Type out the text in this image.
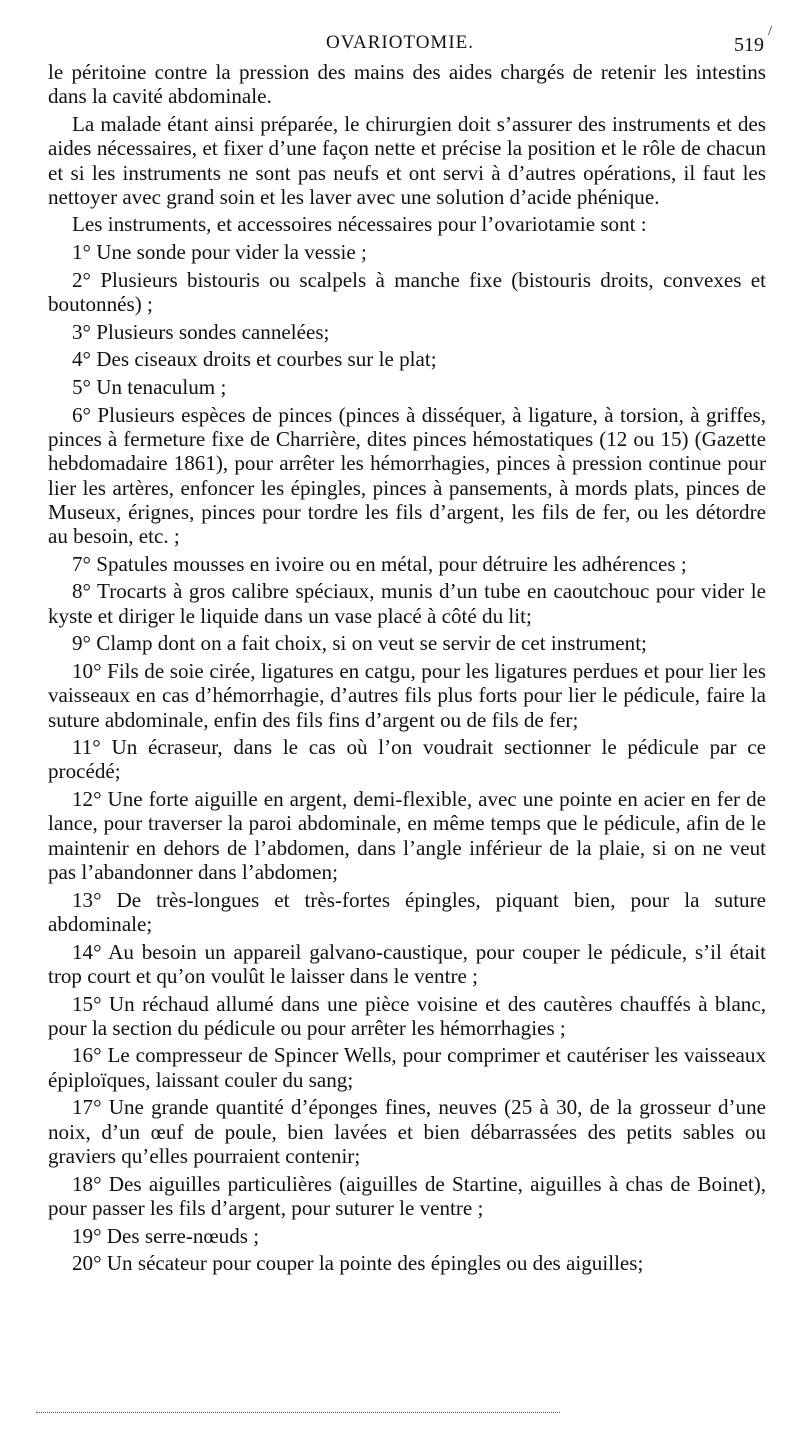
OVARIOTOMIE.	519
/

le péritoine contre la pression des mains des aides chargés de retenir les intestins dans la cavité abdominale.

La malade étant ainsi préparée, le chirurgien doit s’assurer des instruments et des aides nécessaires, et fixer d’une façon nette et précise la position et le rôle de chacun et si les instruments ne sont pas neufs et ont servi à d’autres opérations, il faut les nettoyer avec grand soin et les laver avec une solution d’acide phénique.

Les instruments, et accessoires nécessaires pour l’ovariotamie sont :

1° Une sonde pour vider la vessie ;

2° Plusieurs bistouris ou scalpels à manche fixe (bistouris droits, convexes et boutonnés) ;

3° Plusieurs sondes cannelées;

4° Des ciseaux droits et courbes sur le plat;

5° Un tenaculum ;

6° Plusieurs espèces de pinces (pinces à disséquer, à ligature, à torsion, à griffes, pinces à fermeture fixe de Charrière, dites pinces hémostatiques (12 ou 15) (Gazette hebdomadaire 1861), pour arrêter les hémorrhagies, pinces à pression continue pour lier les artères, enfoncer les épingles, pinces à pansements, à mords plats, pinces de Museux, érignes, pinces pour tordre les fils d’argent, les fils de fer, ou les détordre au besoin, etc. ;

7° Spatules mousses en ivoire ou en métal, pour détruire les adhérences ;

8° Trocarts à gros calibre spéciaux, munis d’un tube en caoutchouc pour vider le kyste et diriger le liquide dans un vase placé à côté du lit;

9° Clamp dont on a fait choix, si on veut se servir de cet instrument;

10° Fils de soie cirée, ligatures en catgu, pour les ligatures perdues et pour lier les vaisseaux en cas d’hémorrhagie, d’autres fils plus forts pour lier le pédicule, faire la suture abdominale, enfin des fils fins d’argent ou de fils de fer;

11° Un écraseur, dans le cas où l’on voudrait sectionner le pédicule par ce procédé;

12° Une forte aiguille en argent, demi-flexible, avec une pointe en acier en fer de lance, pour traverser la paroi abdominale, en même temps que le pédicule, afin de le maintenir en dehors de l’abdomen, dans l’angle inférieur de la plaie, si on ne veut pas l’abandonner dans l’abdomen;

13° De très-longues et très-fortes épingles, piquant bien, pour la suture abdominale;

14° Au besoin un appareil galvano-caustique, pour couper le pédicule, s’il était trop court et qu’on voulût le laisser dans le ventre ;

15° Un réchaud allumé dans une pièce voisine et des cautères chauffés à blanc, pour la section du pédicule ou pour arrêter les hémorrhagies ;

16° Le compresseur de Spincer Wells, pour comprimer et cautériser les vaisseaux épiploïques, laissant couler du sang;

17° Une grande quantité d’éponges fines, neuves (25 à 30, de la grosseur d’une noix, d’un œuf de poule, bien lavées et bien débarrassées des petits sables ou graviers qu’elles pourraient contenir;

18° Des aiguilles particulières (aiguilles de Startine, aiguilles à chas de Boinet), pour passer les fils d’argent, pour suturer le ventre ;

19° Des serre-nœuds ;

20° Un sécateur pour couper la pointe des épingles ou des aiguilles;
